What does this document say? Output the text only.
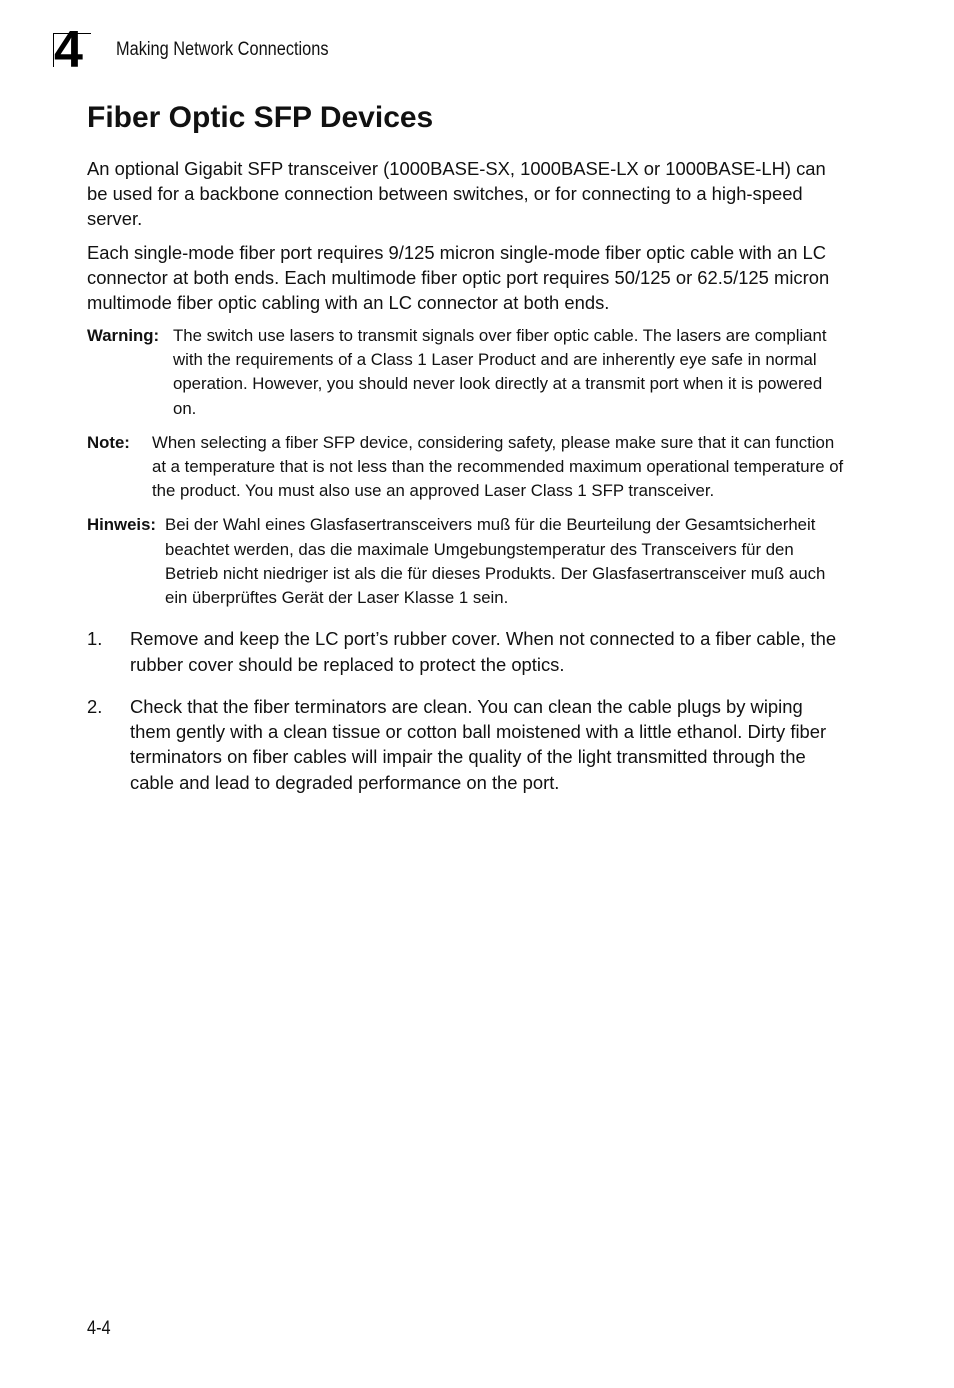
4 Making Network Connections
Fiber Optic SFP Devices

An optional Gigabit SFP transceiver (1000BASE-SX, 1000BASE-LX or 1000BASE-LH) can be used for a backbone connection between switches, or for connecting to a high-speed server.

Each single-mode fiber port requires 9/125 micron single-mode fiber optic cable with an LC connector at both ends. Each multimode fiber optic port requires 50/125 or 62.5/125 micron multimode fiber optic cabling with an LC connector at both ends.

Warning: The switch use lasers to transmit signals over fiber optic cable. The lasers are compliant with the requirements of a Class 1 Laser Product and are inherently eye safe in normal operation. However, you should never look directly at a transmit port when it is powered on.
Note:	When selecting a fiber SFP device, considering safety, please make sure that it can function at a temperature that is not less than the recommended maximum operational temperature of the product. You must also use an approved Laser Class 1 SFP transceiver.
Hinweis: Bei der Wahl eines Glasfasertransceivers muß für die Beurteilung der Gesamtsicherheit beachtet werden, das die maximale Umgebungstemperatur des Transceivers für den Betrieb nicht niedriger ist als die für dieses Produkts. Der Glasfasertransceiver muß auch ein überprüftes Gerät der Laser Klasse 1 sein.
1.	Remove and keep the LC port’s rubber cover. When not connected to a fiber cable, the rubber cover should be replaced to protect the optics.
2.	Check that the fiber terminators are clean. You can clean the cable plugs by wiping them gently with a clean tissue or cotton ball moistened with a little ethanol. Dirty fiber terminators on fiber cables will impair the quality of the light transmitted through the cable and lead to degraded performance on the port.
4-4
